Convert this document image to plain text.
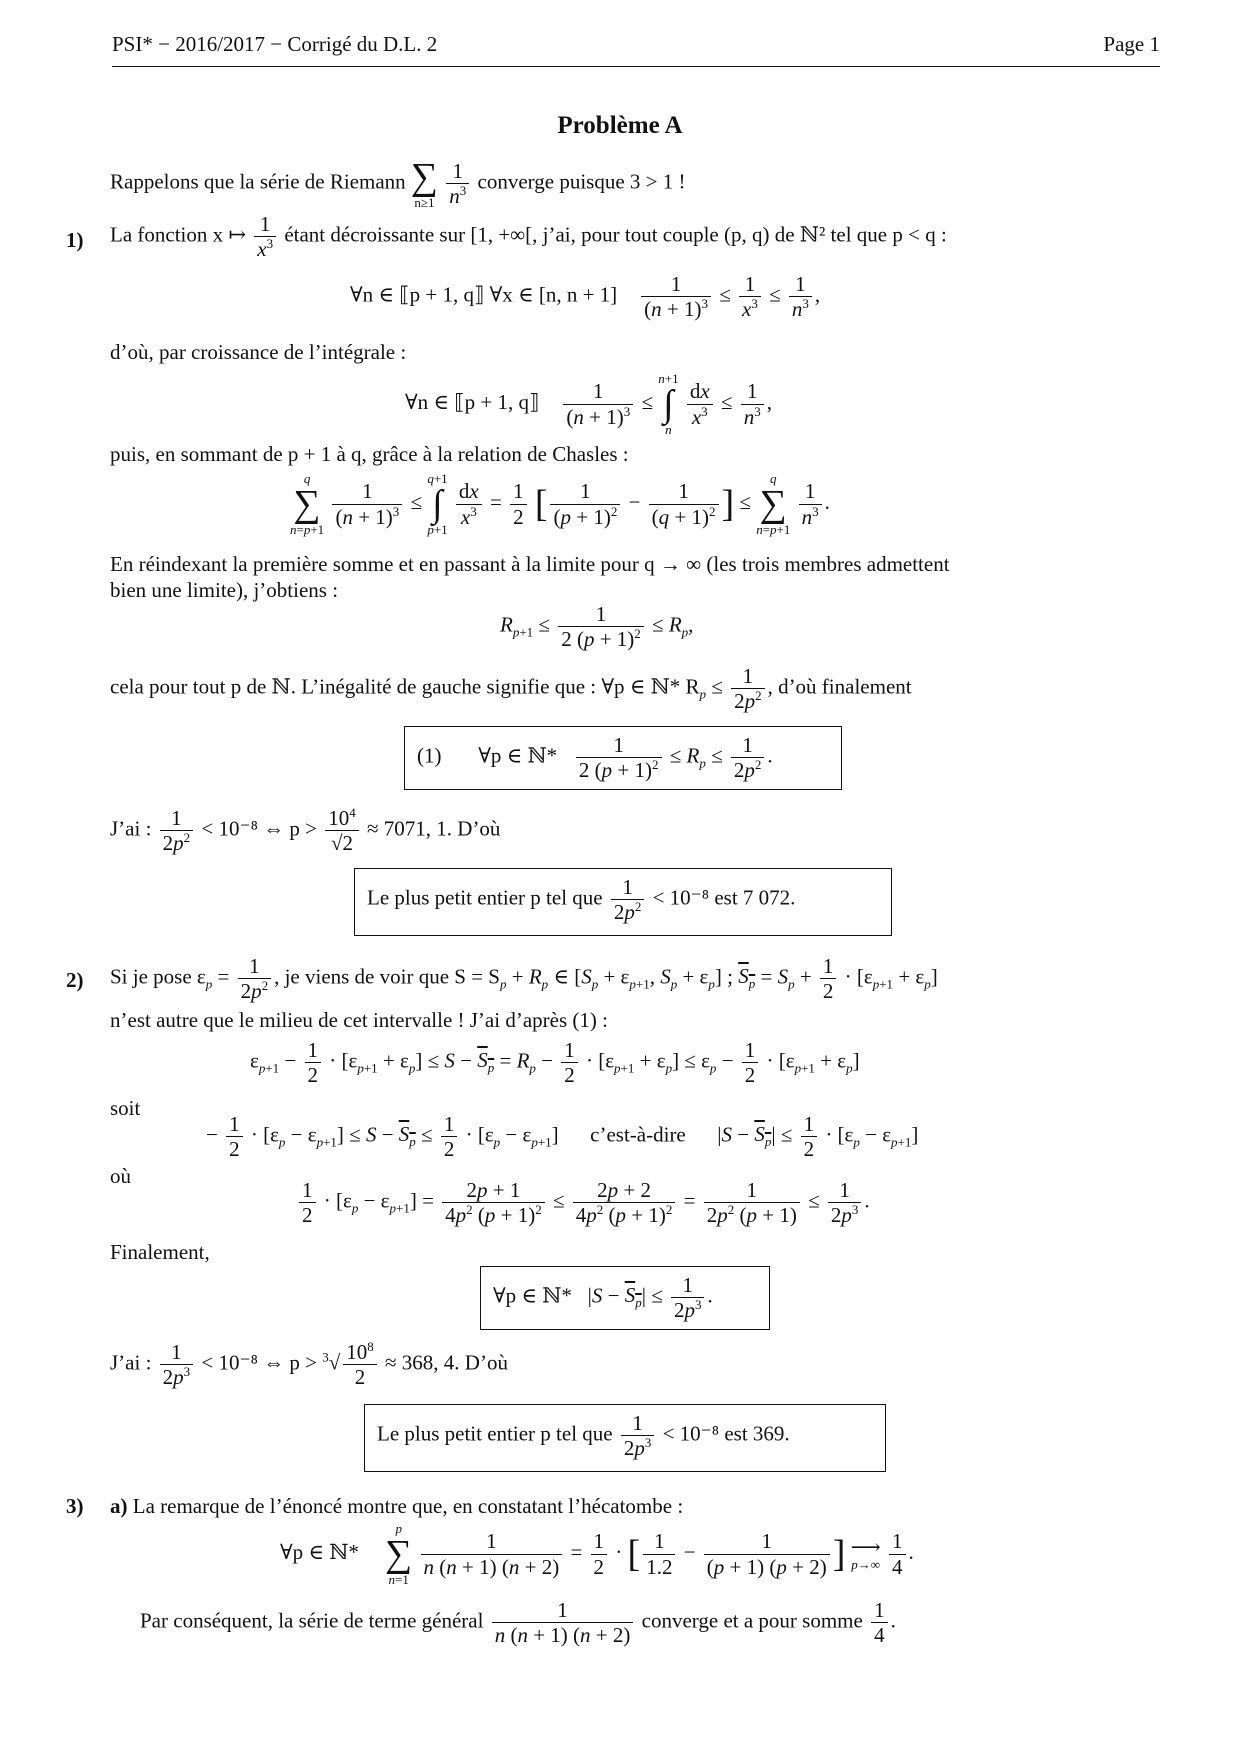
PSI* − 2016/2017 − Corrigé du D.L. 2	Page 1
Problème A
Rappelons que la série de Riemann ∑
n≥1
$\frac{1}{n^3}$ converge puisque 3 > 1 !
1) La fonction x ↦ $\frac{1}{x^3}$ étant décroissante sur [1, +∞[, j’ai, pour tout couple (p, q) de ℕ² tel que p < q :
∀n ∈ ⟦p + 1, q⟧ ∀x ∈ [n, $n + 1] \frac{1}{(n + 1)^3} \le \frac{1}{x^3} \le \frac{1}{n^3}$ ,
d’où, par croissance de l’intégrale :
∀n ∈ ⟦p + 1, q⟧ $\frac{1}{(n + 1)^3}$ ≤
n+1
∫
n

$\frac{dx}{x^3} \le \frac{1}{n^3}$ ,
puis, en sommant de p + 1 à q, grâce à la relation de Chasles :
q
∑
n=p+1

$\frac{1}{(n + 1)^3}$ ≤
q+1
∫
p+1

$\frac{dx}{x^3} = \frac{1}{2}$ [ $\frac{1}{(p + 1)^2} - \frac{1}{(q + 1)^2}$ ] ≤
q
∑
n=p+1

$\frac{1}{n^3}$ .
En réindexant la première somme et en passant à la limite pour q → ∞ (les trois membres admettent
bien une limite), j’obtiens :
$R_{p+1} \le \frac{1}{2 (p + 1)^2} \le R_p$,
cela pour tout p de ℕ. L’inégalité de gauche signifie que : ∀p ∈ ℕ* $R_p \le \frac{1}{2p^2}$ , d’où finalement
(1) ∀p ∈ ℕ* $\frac{1}{2 (p + 1)^2} \le R_p \le \frac{1}{2p^2}$ .
J’ai : $\frac{1}{2p^2} < 10^{-8}$ ⇔ $p > \frac{10^4}{√2} \approx 7071$, 1. D’où
Le plus petit entier p tel que $\frac{1}{2p^2} < 10^{-8}$ est 7 072.
2) Si je pose $\varepsilon_p = \frac{1}{2p^2}$ , je viens de voir que $S = S_p + R_p$ ∈ [$S_p + \varepsilon_{p+1}$, $S_p + \varepsilon_p$] ; $S_p = S_p + \frac{1}{2} \cdot [\varepsilon_{p+1} + \varepsilon_p]$
n’est autre que le milieu de cet intervalle ! J’ai d’après (1) :
$\varepsilon_{p+1} - \frac{1}{2} \cdot [\varepsilon_{p+1} + \varepsilon_p] \le S - S_p = R_p - \frac{1}{2} \cdot [\varepsilon_{p+1} + \varepsilon_p] \le \varepsilon_p - \frac{1}{2} \cdot [\varepsilon_{p+1} + \varepsilon_p]$
soit
− $\frac{1}{2} \cdot [\varepsilon_p - \varepsilon_{p+1}] \le S - S_p \le \frac{1}{2} \cdot [\varepsilon_p - \varepsilon_{p+1}]$      c’est-à-dire      $|S - S_p| \le \frac{1}{2} \cdot [\varepsilon_p - \varepsilon_{p+1}]$
où
$\frac{1}{2} \cdot [\varepsilon_p - \varepsilon_{p+1}] = \frac{2p + 1}{4p^2 (p + 1)^2} \le \frac{2p + 2}{4p^2 (p + 1)^2} = \frac{1}{2p^2 (p + 1)} \le \frac{1}{2p^3}$ .
Finalement,
∀p ∈ ℕ*   $|S - S_p| \le \frac{1}{2p^3}$ .
J’ai : $\frac{1}{2p^3} < 10^{-8}$ ⇔ $p > ^3√ \frac{10^8}{2} \approx 368$, 4. D’où
Le plus petit entier p tel que $\frac{1}{2p^3} < 10^{-8}$ est 369.
3) a) La remarque de l’énoncé montre que, en constatant l’hécatombe :
∀p ∈ ℕ*
p
∑
n=1

$\frac{1}{n (n + 1) (n + 2)} = \frac{1}{2}$ · [ $\frac{1}{1.2} - \frac{1}{(p + 1) (p + 2)}$ ] ⟶
p→∞
$\frac{1}{4}$ .
Par conséquent, la série de terme général $\frac{1}{n (n + 1) (n + 2)}$ converge et a pour somme $\frac{1}{4}$ .
